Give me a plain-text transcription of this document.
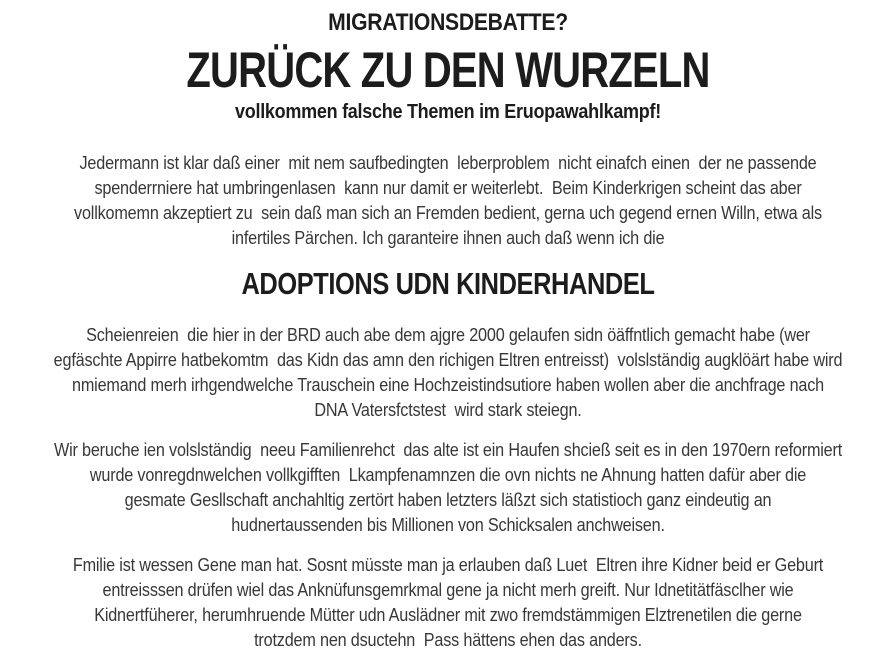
MIGRATIONSDEBATTE?
ZURÜCK ZU DEN WURZELN
vollkommen falsche Themen im Eruopawahlkampf!
Jedermann ist klar daß einer  mit nem saufbedingten  leberproblem  nicht einafch einen  der ne passende
spenderrniere hat umbringenlasen  kann nur damit er weiterlebt.  Beim Kinderkrigen scheint das aber
vollkomemn akzeptiert zu  sein daß man sich an Fremden bedient, gerna uch gegend ernen Willn, etwa als
infertiles Pärchen. Ich garanteire ihnen auch daß wenn ich die
ADOPTIONS UDN KINDERHANDEL
Scheienreien  die hier in der BRD auch abe dem ajgre 2000 gelaufen sidn öäffntlich gemacht habe (wer
egfäschte Appirre hatbekomtm  das Kidn das amn den richigen Eltren entreisst)  volslständig augklöärt habe wird
nmiemand merh irhgendwelche Trauschein eine Hochzeistindsutiore haben wollen aber die anchfrage nach
DNA Vatersfctstest  wird stark steiegn.
Wir beruche ien volslständig  neeu Familienrehct  das alte ist ein Haufen shcieß seit es in den 1970ern reformiert
wurde vonregdnwelchen vollkgifften  Lkampfenamnzen die ovn nichts ne Ahnung hatten dafür aber die
gesmate Gesllschaft anchahltig zertört haben letzters läßzt sich statistioch ganz eindeutig an
hudnertaussenden bis Millionen von Schicksalen anchweisen.
Fmilie ist wessen Gene man hat. Sosnt müsste man ja erlauben daß Luet  Eltren ihre Kidner beid er Geburt
entreisssen drüfen wiel das Anknüfunsgemrkmal gene ja nicht merh greift. Nur Idnetitätfäsclher wie
Kidnertfüherer, herumhruende Mütter udn Auslädner mit zwo fremdstämmigen Elztrenetilen die gerne
trotzdem nen dsuctehn  Pass hättens ehen das anders.
